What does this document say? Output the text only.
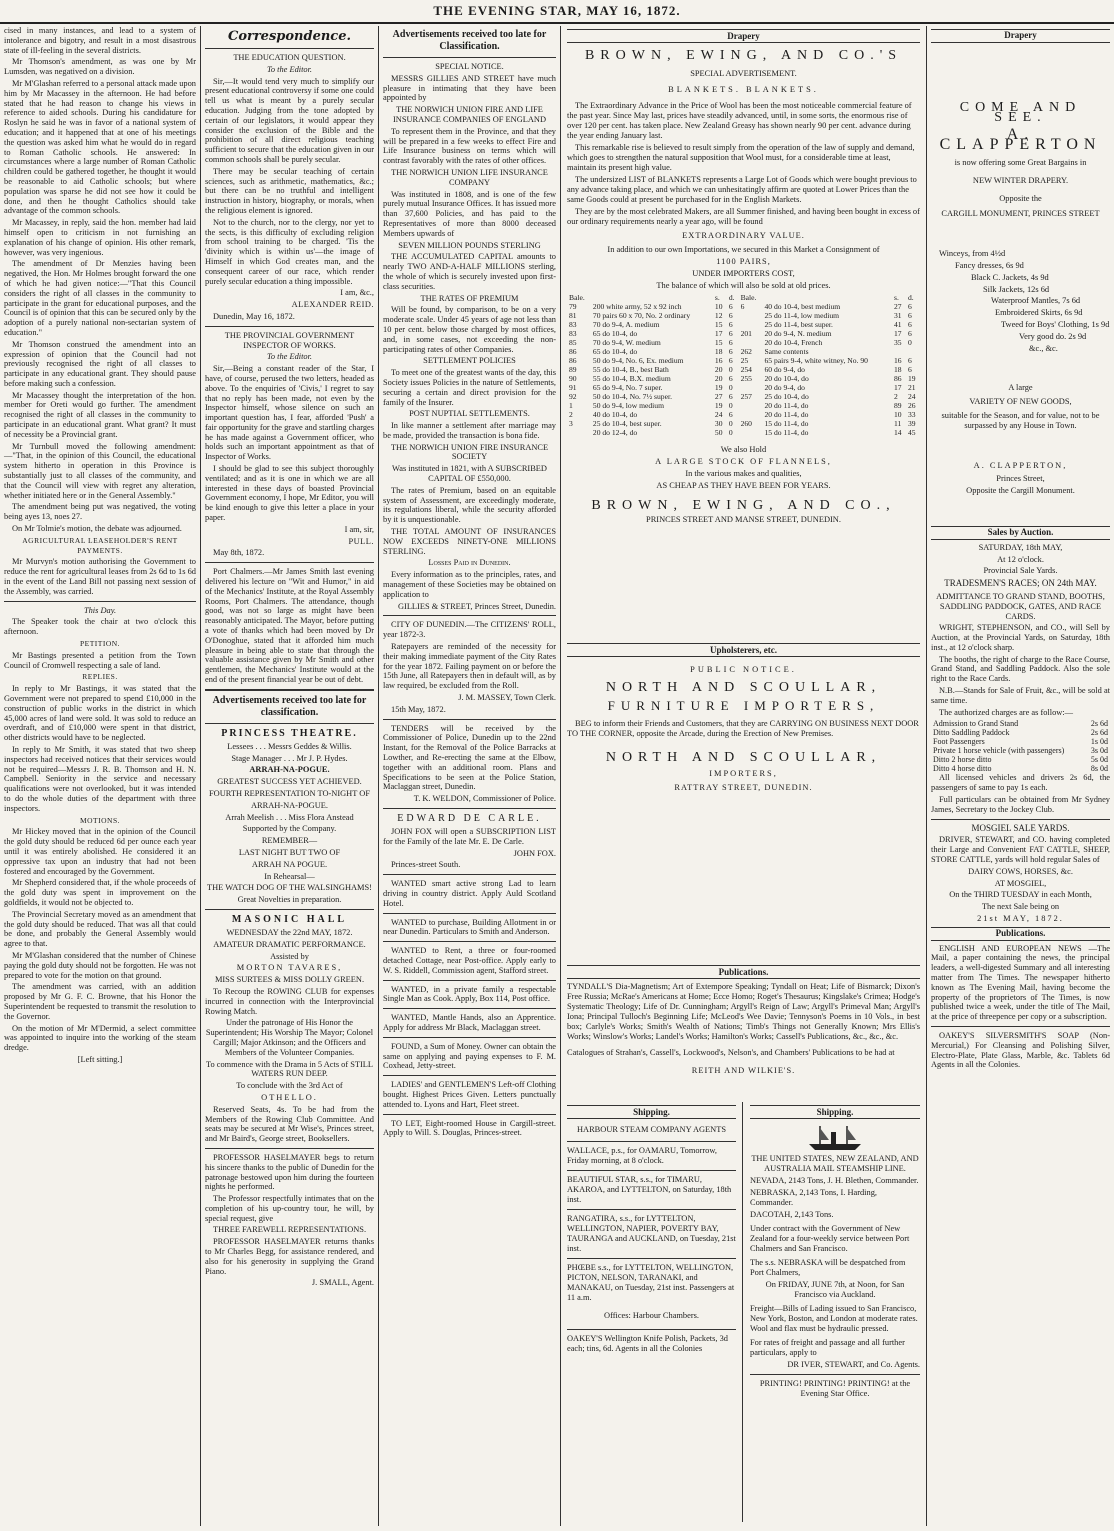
THE EVENING STAR, MAY 16, 1872.

cised in many instances, and lead to a system of intolerance and bigotry, and result in a most disastrous state of ill-feeling in the several districts.

Mr Thomson's amendment, as was one by Mr Lumsden, was negatived on a division.

Mr M'Glashan referred to a personal attack made upon him by Mr Macassey in the afternoon. He had before stated that he had reason to change his views in reference to aided schools. During his candidature for Roslyn he said he was in favor of a national system of education; and it happened that at one of his meetings the question was asked him what he would do in regard to Roman Catholic schools. He answered: In circumstances where a large number of Roman Catholic children could be gathered together, he thought it would be reasonable to aid Catholic schools; but where population was sparse he did not see how it could be done, and then he thought Catholics should take advantage of the common schools.

Mr Macassey, in reply, said the hon. member had laid himself open to criticism in not furnishing an explanation of his change of opinion. His other remark, however, was very ingenious.

The amendment of Dr Menzies having been negatived, the Hon. Mr Holmes brought forward the one of which he had given notice:—"That this Council considers the right of all classes in the community to participate in the grant for educational purposes, and the Council is of opinion that this can be secured only by the adoption of a purely national non-sectarian system of education."

Mr Thomson construed the amendment into an expression of opinion that the Council had not previously recognised the right of all classes to participate in any educational grant. They should pause before making such a confession.

Mr Macassey thought the interpretation of the hon. member for Oreti would go further. The amendment recognised the right of all classes in the community to participate in an educational grant. What grant? It must of necessity be a Provincial grant.

Mr Turnbull moved the following amendment:—"That, in the opinion of this Council, the educational system hitherto in operation in this Province is substantially just to all classes of the community, and that the Council will view with regret any alteration, whether initiated here or in the General Assembly."

The amendment being put was negatived, the voting being ayes 13, noes 27.

On Mr Tolmie's motion, the debate was adjourned.

AGRICULTURAL LEASEHOLDER'S RENT PAYMENTS.

Mr Murvyn's motion authorising the Government to reduce the rent for agricultural leases from 2s 6d to 1s 6d in the event of the Land Bill not passing next session of the Assembly, was carried.

This Day.

The Speaker took the chair at two o'clock this afternoon.

PETITION.

Mr Bastings presented a petition from the Town Council of Cromwell respecting a sale of land.

REPLIES.

In reply to Mr Bastings, it was stated that the Government were not prepared to spend £10,000 in the construction of public works in the district in which 45,000 acres of land were sold. It was sold to reduce an overdraft, and of £10,000 were spent in that district, other districts would have to be neglected.

In reply to Mr Smith, it was stated that two sheep inspectors had received notices that their services would not be required—Messrs J. R. B. Thomson and H. N. Campbell. Seniority in the service and necessary qualifications were not overlooked, but it was intended to do the whole duties of the department with three inspectors.

MOTIONS.

Mr Hickey moved that in the opinion of the Council the gold duty should be reduced 6d per ounce each year until it was entirely abolished. He considered it an oppressive tax upon an industry that had not been fostered and encouraged by the Government.

Mr Shepherd considered that, if the whole proceeds of the gold duty was spent in improvement on the goldfields, it would not be objected to.

The Provincial Secretary moved as an amendment that the gold duty should be reduced. That was all that could be done, and probably the General Assembly would agree to that.

Mr M'Glashan considered that the number of Chinese paying the gold duty should not be forgotten. He was not prepared to vote for the motion on that ground.

The amendment was carried, with an addition proposed by Mr G. F. C. Browne, that his Honor the Superintendent be requested to transmit the resolution to the Governor.

On the motion of Mr M'Dermid, a select committee was appointed to inquire into the working of the steam dredge.

[Left sitting.]

Correspondence.

THE EDUCATION QUESTION.

To the Editor.

Sir,—It would tend very much to simplify our present educational controversy if some one could tell us what is meant by a purely secular education. Judging from the tone adopted by certain of our legislators, it would appear they consider the exclusion of the Bible and the prohibition of all direct religious teaching sufficient to secure that the education given in our common schools shall be purely secular.

There may be secular teaching of certain sciences, such as arithmetic, mathematics, &c.; but there can be no truthful and intelligent instruction in history, biography, or morals, when the religious element is ignored.

Not to the church, nor to the clergy, nor yet to the sects, is this difficulty of excluding religion from school training to be charged. 'Tis the 'divinity which is within us'—the image of Himself in which God creates man, and the consequent career of our race, which render purely secular education a thing impossible.

I am, &c.,

ALEXANDER REID.

Dunedin, May 16, 1872.

THE PROVINCIAL GOVERNMENT INSPECTOR OF WORKS.

To the Editor.

Sir,—Being a constant reader of the Star, I have, of course, perused the two letters, headed as above. To the enquiries of 'Civis,' I regret to say that no reply has been made, not even by the Inspector himself, whose silence on such an important question has, I fear, afforded 'Push' a fair opportunity for the grave and startling charges he has made against a Government officer, who holds such an important appointment as that of Inspector of Works.

I should be glad to see this subject thoroughly ventilated; and as it is one in which we are all interested in these days of boasted Provincial Government economy, I hope, Mr Editor, you will be kind enough to give this letter a place in your paper.

I am, sir,

PULL.

May 8th, 1872.

Port Chalmers.—Mr James Smith last evening delivered his lecture on "Wit and Humor," in aid of the Mechanics' Institute, at the Royal Assembly Rooms, Port Chalmers. The attendance, though good, was not so large as might have been reasonably anticipated. The Mayor, before putting a vote of thanks which had been moved by Dr O'Donoghue, stated that it afforded him much pleasure in being able to state that through the valuable assistance given by Mr Smith and other gentlemen, the Mechanics' Institute would at the end of the present financial year be out of debt.

Advertisements received too late for classification.
PRINCESS THEATRE.

Lessees . . . Messrs Geddes & Willis.

Stage Manager . . . Mr J. P. Hydes.

ARRAH-NA-POGUE.

GREATEST SUCCESS YET ACHIEVED.

FOURTH REPRESENTATION TO-NIGHT OF

ARRAH-NA-POGUE.

Arrah Meelish . . . Miss Flora Anstead

Supported by the Company.

REMEMBER—

LAST NIGHT BUT TWO OF

ARRAH NA POGUE.

In Rehearsal—

THE WATCH DOG OF THE WALSINGHAMS!

Great Novelties in preparation.

MASONIC HALL

WEDNESDAY the 22nd MAY, 1872.

AMATEUR DRAMATIC PERFORMANCE.

Assisted by

MORTON TAVARES,

MISS SURTEES & MISS DOLLY GREEN.

To Recoup the ROWING CLUB for expenses incurred in connection with the Interprovincial Rowing Match.

Under the patronage of His Honor the Superintendent; His Worship The Mayor; Colonel Cargill; Major Atkinson; and the Officers and Members of the Volunteer Companies.

To commence with the Drama in 5 Acts of STILL WATERS RUN DEEP.

To conclude with the 3rd Act of

OTHELLO.

Reserved Seats, 4s. To be had from the Members of the Rowing Club Committee. And seats may be secured at Mr Wise's, Princes street, and Mr Baird's, George street, Booksellers.

PROFESSOR HASELMAYER begs to return his sincere thanks to the public of Dunedin for the patronage bestowed upon him during the fourteen nights he performed.

The Professor respectfully intimates that on the completion of his up-country tour, he will, by special request, give

THREE FAREWELL REPRESENTATIONS.

PROFESSOR HASELMAYER returns thanks to Mr Charles Begg, for assistance rendered, and also for his generosity in supplying the Grand Piano.

J. SMALL, Agent.

Advertisements received too late for Classification.

SPECIAL NOTICE.

MESSRS GILLIES AND STREET have much pleasure in intimating that they have been appointed by

THE NORWICH UNION FIRE AND LIFE INSURANCE COMPANIES OF ENGLAND

To represent them in the Province, and that they will be prepared in a few weeks to effect Fire and Life Insurance business on terms which will contrast favorably with the rates of other offices.

THE NORWICH UNION LIFE INSURANCE COMPANY

Was instituted in 1808, and is one of the few purely mutual Insurance Offices. It has issued more than 37,600 Policies, and has paid to the Representatives of more than 8000 deceased Members upwards of

SEVEN MILLION POUNDS STERLING

THE ACCUMULATED CAPITAL amounts to nearly TWO AND-A-HALF MILLIONS sterling, the whole of which is securely invested upon first-class securities.

THE RATES OF PREMIUM

Will be found, by comparison, to be on a very moderate scale. Under 45 years of age not less than 10 per cent. below those charged by most offices, and, in some cases, not exceeding the non-participating rates of other Companies.

SETTLEMENT POLICIES

To meet one of the greatest wants of the day, this Society issues Policies in the nature of Settlements, securing a certain and direct provision for the family of the Insurer.

POST NUPTIAL SETTLEMENTS.

In like manner a settlement after marriage may be made, provided the transaction is bona fide.

THE NORWICH UNION FIRE INSURANCE SOCIETY

Was instituted in 1821, with A SUBSCRIBED CAPITAL OF £550,000.

The rates of Premium, based on an equitable system of Assessment, are exceedingly moderate, its regulations liberal, while the security afforded by it is unquestionable.

THE TOTAL AMOUNT OF INSURANCES NOW EXCEEDS NINETY-ONE MILLIONS STERLING.

Losses Paid in Dunedin.

Every information as to the principles, rates, and management of these Societies may be obtained on application to

GILLIES & STREET, Princes Street, Dunedin.

CITY OF DUNEDIN.—The CITIZENS' ROLL, year 1872-3.

Ratepayers are reminded of the necessity for their making immediate payment of the City Rates for the year 1872. Failing payment on or before the 15th June, all Ratepayers then in default will, as by law required, be excluded from the Roll.

J. M. MASSEY, Town Clerk.

15th May, 1872.

TENDERS will be received by the Commissioner of Police, Dunedin up to the 22nd Instant, for the Removal of the Police Barracks at Lowther, and Re-erecting the same at the Elbow, together with an additional room. Plans and Specifications to be seen at the Police Station, Maclaggan street, Dunedin.

T. K. WELDON, Commissioner of Police.

EDWARD DE CARLE.

JOHN FOX will open a SUBSCRIPTION LIST for the Family of the late Mr. E. De Carle.

JOHN FOX.

Princes-street South.

WANTED smart active strong Lad to learn driving in country district. Apply Auld Scotland Hotel.

WANTED to purchase, Building Allotment in or near Dunedin. Particulars to Smith and Anderson.

WANTED to Rent, a three or four-roomed detached Cottage, near Post-office. Apply early to W. S. Riddell, Commission agent, Stafford street.

WANTED, in a private family a respectable Single Man as Cook. Apply, Box 114, Post office.

WANTED, Mantle Hands, also an Apprentice. Apply for address Mr Black, Maclaggan street.

FOUND, a Sum of Money. Owner can obtain the same on applying and paying expenses to F. M. Coxhead, Jetty-street.

LADIES' and GENTLEMEN'S Left-off Clothing bought. Highest Prices Given. Letters punctually attended to. Lyons and Hart, Fleet street.

TO LET, Eight-roomed House in Cargill-street. Apply to Will. S. Douglas, Princes-street.

Drapery
BROWN, EWING, AND CO.'S

SPECIAL ADVERTISEMENT.

BLANKETS. BLANKETS.

The Extraordinary Advance in the Price of Wool has been the most noticeable commercial feature of the past year. Since May last, prices have steadily advanced, until, in some sorts, the enormous rise of over 120 per cent. has taken place. New Zealand Greasy has shown nearly 90 per cent. advance during the year ending January last.

This remarkable rise is believed to result simply from the operation of the law of supply and demand, which goes to strengthen the natural supposition that Wool must, for a considerable time at least, maintain its present high value.

The undersized LIST of BLANKETS represents a Large Lot of Goods which were bought previous to any advance taking place, and which we can unhesitatingly affirm are quoted at Lower Prices than the same Goods could at present be purchased for in the English Markets.

They are by the most celebrated Makers, are all Summer finished, and having been bought in excess of our ordinary requirements nearly a year ago, will be found

EXTRAORDINARY VALUE.

In addition to our own Importations, we secured in this Market a Consignment of

1100 PAIRS,

UNDER IMPORTERS COST,

The balance of which will also be sold at old prices.

Bale.		s.	d.	Bale.		s.	d.
79	200 white army, 52 x 92 inch	10	6	6	40 do 10-4, best medium	27	6
81	70 pairs 60 x 70, No. 2 ordinary	12	6		25 do 11-4, low medium	31	6
83	70 do 9-4, A. medium	15	6		25 do 11-4, best super.	41	6
83	65 do 10-4, do	17	6	201	20 do 9-4, N. medium	17	6
85	70 do 9-4, W. medium	15	6		20 do 10-4, French	35	0
86	65 do 10-4, do	18	6	262	Same contents		
86	50 do 9-4, No. 6, Ex. medium	16	6	25	65 pairs 9-4, white witney, No. 90	16	6
89	55 do 10-4, B., best Bath	20	0	254	60 do 9-4, do	18	6
90	55 do 10-4, B.X. medium	20	6	255	20 do 10-4, do	86	19
91	65 do 9-4, No. 7 super.	19	0		20 do 9-4, do	17	21
92	50 do 10-4, No. 7½ super.	27	6	257	25 do 10-4, do	2	24
1	50 do 9-4, low medium	19	0		20 do 11-4, do	89	26
2	40 do 10-4, do	24	6		20 do 11-4, do	10	33
3	25 do 10-4, best super.	30	0	260	15 do 11-4, do	11	39
	20 do 12-4, do	50	0		15 do 11-4, do	14	45

We also Hold

A LARGE STOCK OF FLANNELS,

In the various makes and qualities,

AS CHEAP AS THEY HAVE BEEN FOR YEARS.

BROWN, EWING, AND CO.,

PRINCES STREET AND MANSE STREET, DUNEDIN.

Upholsterers, etc.

PUBLIC NOTICE.

NORTH AND SCOULLAR,
FURNITURE IMPORTERS,

BEG to inform their Friends and Customers, that they are CARRYING ON BUSINESS NEXT DOOR TO THE CORNER, opposite the Arcade, during the Erection of New Premises.

NORTH AND SCOULLAR,

IMPORTERS,

RATTRAY STREET, DUNEDIN.

Publications.

TYNDALL'S Dia-Magnetism; Art of Extempore Speaking; Tyndall on Heat; Life of Bismarck; Dixon's Free Russia; McRae's Americans at Home; Ecce Homo; Roget's Thesaurus; Kingslake's Crimea; Hodge's Systematic Theology; Life of Dr. Cunningham; Argyll's Reign of Law; Argyll's Primeval Man; Argyll's Iona; Principal Tulloch's Beginning Life; McLeod's Wee Davie; Tennyson's Poems in 10 Vols., in best box; Carlyle's Works; Smith's Wealth of Nations; Timb's Things not Generally Known; Mrs Ellis's Works; Winslow's Works; Landel's Works; Hamilton's Works; Cassell's Publications, &c., &c., &c.

Catalogues of Strahan's, Cassell's, Lockwood's, Nelson's, and Chambers' Publications to be had at

REITH AND WILKIE'S.

Shipping.

HARBOUR STEAM COMPANY AGENTS

WALLACE, p.s., for OAMARU, Tomorrow, Friday morning, at 8 o'clock.

BEAUTIFUL STAR, s.s., for TIMARU, AKAROA, and LYTTELTON, on Saturday, 18th inst.

RANGATIRA, s.s., for LYTTELTON, WELLINGTON, NAPIER, POVERTY BAY, TAURANGA and AUCKLAND, on Tuesday, 21st inst.

PHŒBE s.s., for LYTTELTON, WELLINGTON, PICTON, NELSON, TARANAKI, and MANAKAU, on Tuesday, 21st inst. Passengers at 11 a.m.

Offices: Harbour Chambers.

OAKEY'S Wellington Knife Polish, Packets, 3d each; tins, 6d. Agents in all the Colonies

Shipping.

THE UNITED STATES, NEW ZEALAND, AND AUSTRALIA MAIL STEAMSHIP LINE.

NEVADA, 2143 Tons, J. H. Blethen, Commander.

NEBRASKA, 2,143 Tons, I. Harding, Commander.

DACOTAH, 2,143 Tons.

Under contract with the Government of New Zealand for a four-weekly service between Port Chalmers and San Francisco.

The s.s. NEBRASKA will be despatched from Port Chalmers,

On FRIDAY, JUNE 7th, at Noon, for San Francisco via Auckland.

Freight—Bills of Lading issued to San Francisco, New York, Boston, and London at moderate rates. Wool and flax must be hydraulic pressed.

For rates of freight and passage and all further particulars, apply to

DR IVER, STEWART, and Co. Agents.

PRINTING! PRINTING! PRINTING! at the Evening Star Office.

Drapery
COME AND SEE.
A. CLAPPERTON

is now offering some Great Bargains in

NEW WINTER DRAPERY.

Opposite the

CARGILL MONUMENT, PRINCES STREET

Winceys, from 4½d

Fancy dresses, 6s 9d

Black C. Jackets, 4s 9d

Silk Jackets, 12s 6d

Waterproof Mantles, 7s 6d

Embroidered Skirts, 6s 9d

Tweed for Boys' Clothing, 1s 9d

Very good do. 2s 9d

&c., &c.

A large

VARIETY OF NEW GOODS,

suitable for the Season, and for value, not to be surpassed by any House in Town.

A. CLAPPERTON,

Princes Street,

Opposite the Cargill Monument.

Sales by Auction.

SATURDAY, 18th MAY,

At 12 o'clock.

Provincial Sale Yards.

TRADESMEN'S RACES; ON 24th MAY.

ADMITTANCE TO GRAND STAND, BOOTHS, SADDLING PADDOCK, GATES, AND RACE CARDS.

WRIGHT, STEPHENSON, and CO., will Sell by Auction, at the Provincial Yards, on Saturday, 18th inst., at 12 o'clock sharp.

The booths, the right of charge to the Race Course, Grand Stand, and Saddling Paddock. Also the sole right to the Race Cards.

N.B.—Stands for Sale of Fruit, &c., will be sold at same time.

The authorized charges are as follow:—

Admission to Grand Stand	2s 6d
Ditto Saddling Paddock	2s 6d
Foot Passengers	1s 0d
Private 1 horse vehicle (with passengers)	3s 0d
Ditto 2 horse ditto	5s 0d
Ditto 4 horse ditto	8s 0d

All licensed vehicles and drivers 2s 6d, the passengers of same to pay 1s each.

Full particulars can be obtained from Mr Sydney James, Secretary to the Jockey Club.

MOSGIEL SALE YARDS.

DRIVER, STEWART, and CO. having completed their Large and Convenient FAT CATTLE, SHEEP, STORE CATTLE, yards will hold regular Sales of

DAIRY COWS, HORSES, &c.

AT MOSGIEL,

On the THIRD TUESDAY in each Month,

The next Sale being on

21st MAY, 1872.

Publications.

ENGLISH AND EUROPEAN NEWS —The Mail, a paper containing the news, the principal leaders, a well-digested Summary and all interesting matter from The Times. The newspaper hitherto known as The Evening Mail, having become the property of the proprietors of The Times, is now published twice a week, under the title of The Mail, at the price of threepence per copy or a subscription.

OAKEY'S SILVERSMITH'S SOAP (Non-Mercurial,) For Cleansing and Polishing Silver, Electro-Plate, Plate Glass, Marble, &c. Tablets 6d Agents in all the Colonies.
